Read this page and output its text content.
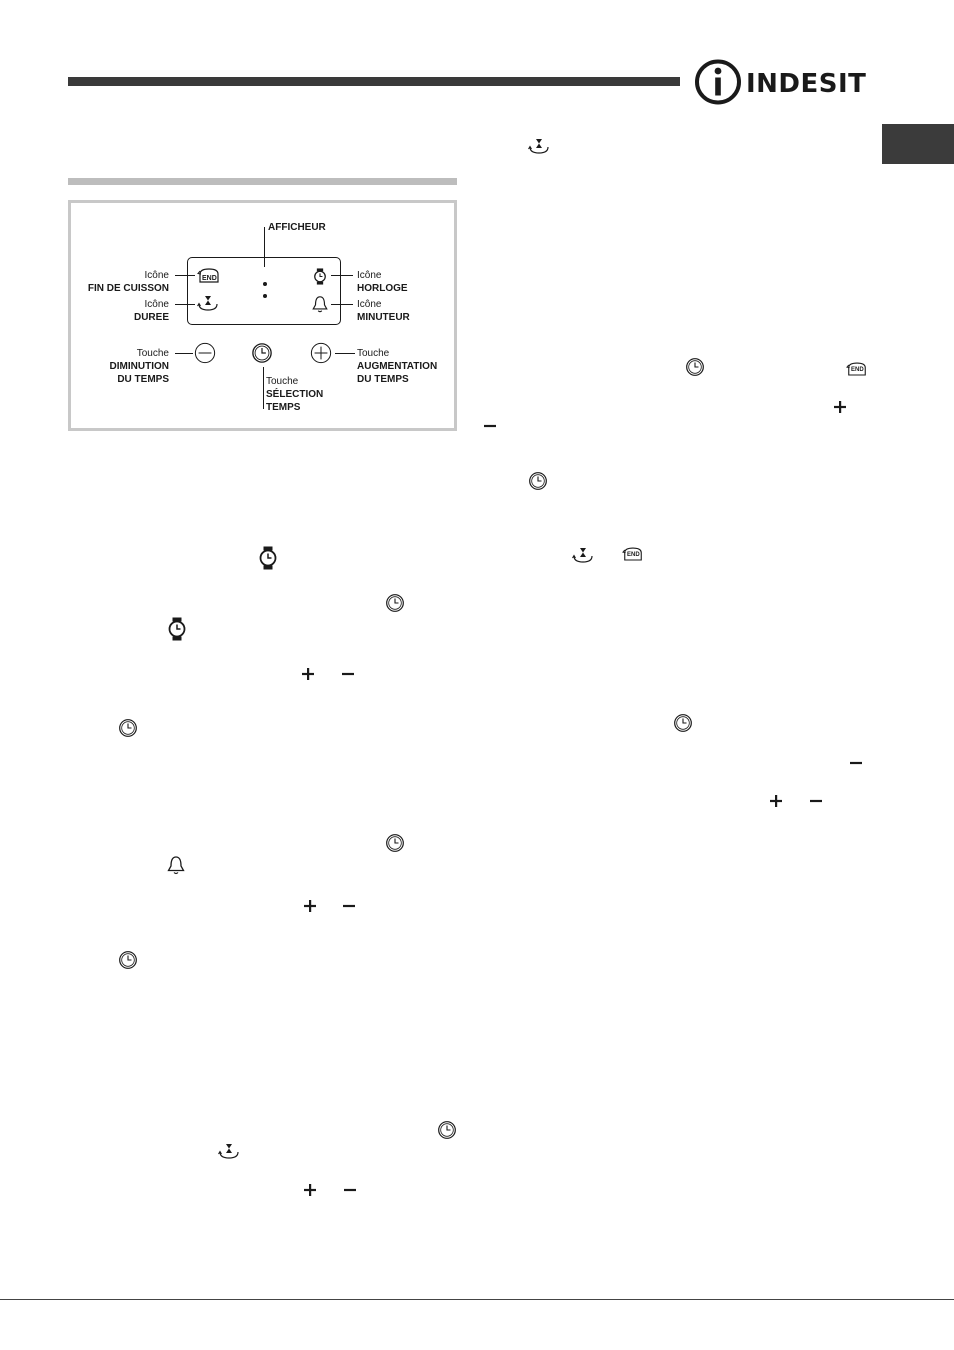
INDESIT
AFFICHEUR
Icône
FIN DE CUISSON
Icône
DUREE
Touche
DIMINUTION
DU TEMPS
END	Icône
HORLOGE
Icône
MINUTEUR
Touche
AUGMENTATION
DU TEMPS
Touche
SÉLECTION
TEMPS
END
END
